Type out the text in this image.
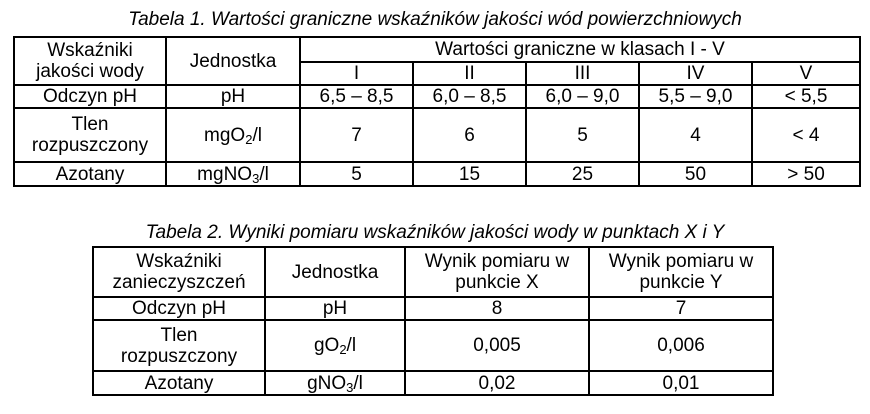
Tabela 1. Wartości graniczne wskaźników jakości wód powierzchniowych
Wskaźniki jakości wody	Jednostka	Wartości graniczne w klasach I - V				
		I	II	III	IV	V
Odczyn pH	pH	6,5 – 8,5	6,0 – 8,5	6,0 – 9,0	5,5 – 9,0	< 5,5
Tlen rozpuszczony	mgO$_2$/l	7	6	5	4	< 4
Azotany	mgNO$_3$/l	5	15	25	50	> 50
Tabela 2. Wyniki pomiaru wskaźników jakości wody w punktach X i Y
Wskaźniki zanieczyszczeń	Jednostka	Wynik pomiaru w punkcie X	Wynik pomiaru w punkcie Y
Odczyn pH	pH	8	7
Tlen rozpuszczony	$gO_2/l$	0,005	0,006
Azotany	gNO$_3$/l	0,02	0,01
